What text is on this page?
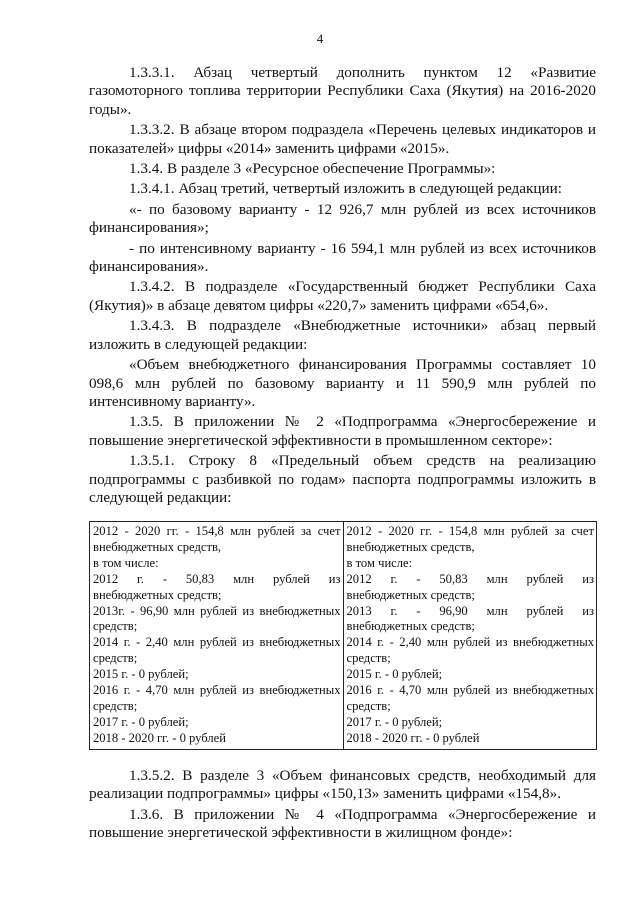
4

1.3.3.1. Абзац четвертый дополнить пунктом 12 «Развитие газомоторного топлива территории Республики Саха (Якутия) на 2016-2020 годы».

1.3.3.2. В абзаце втором подраздела «Перечень целевых индикаторов и показателей» цифры «2014» заменить цифрами «2015».

1.3.4. В разделе 3 «Ресурсное обеспечение Программы»:

1.3.4.1. Абзац третий, четвертый изложить в следующей редакции:

«- по базовому варианту - 12 926,7 млн рублей из всех источников финансирования»;

- по интенсивному варианту - 16 594,1 млн рублей из всех источников финансирования».

1.3.4.2. В подразделе «Государственный бюджет Республики Саха (Якутия)» в абзаце девятом цифры «220,7» заменить цифрами «654,6».

1.3.4.3. В подразделе «Внебюджетные источники» абзац первый изложить в следующей редакции:

«Объем внебюджетного финансирования Программы составляет 10 098,6 млн рублей по базовому варианту и 11 590,9 млн рублей по интенсивному варианту».

1.3.5. В приложении № 2 «Подпрограмма «Энергосбережение и повышение энергетической эффективности в промышленном секторе»:

1.3.5.1. Строку 8 «Предельный объем средств на реализацию подпрограммы с разбивкой по годам» паспорта подпрограммы изложить в следующей редакции:

2012 - 2020 гг. - 154,8 млн рублей за счет
внебюджетных средств,
в том числе:
2012 г. - 50,83 млн рублей из
внебюджетных средств;
2013г. - 96,90 млн рублей из внебюджетных
средств;
2014 г. - 2,40 млн рублей из внебюджетных
средств;
2015 г. - 0 рублей;
2016 г. - 4,70 млн рублей из внебюджетных
средств;
2017 г. - 0 рублей;
2018 - 2020 гг. - 0 рублей

2012 - 2020 гг. - 154,8 млн рублей за счет
внебюджетных средств,
в том числе:
2012 г. - 50,83 млн рублей из
внебюджетных средств;
2013 г. - 96,90 млн рублей из
внебюджетных средств;
2014 г. - 2,40 млн рублей из внебюджетных
средств;
2015 г. - 0 рублей;
2016 г. - 4,70 млн рублей из внебюджетных
средств;
2017 г. - 0 рублей;
2018 - 2020 гг. - 0 рублей

1.3.5.2. В разделе 3 «Объем финансовых средств, необходимый для реализации подпрограммы» цифры «150,13» заменить цифрами «154,8».

1.3.6. В приложении № 4 «Подпрограмма «Энергосбережение и повышение энергетической эффективности в жилищном фонде»:
